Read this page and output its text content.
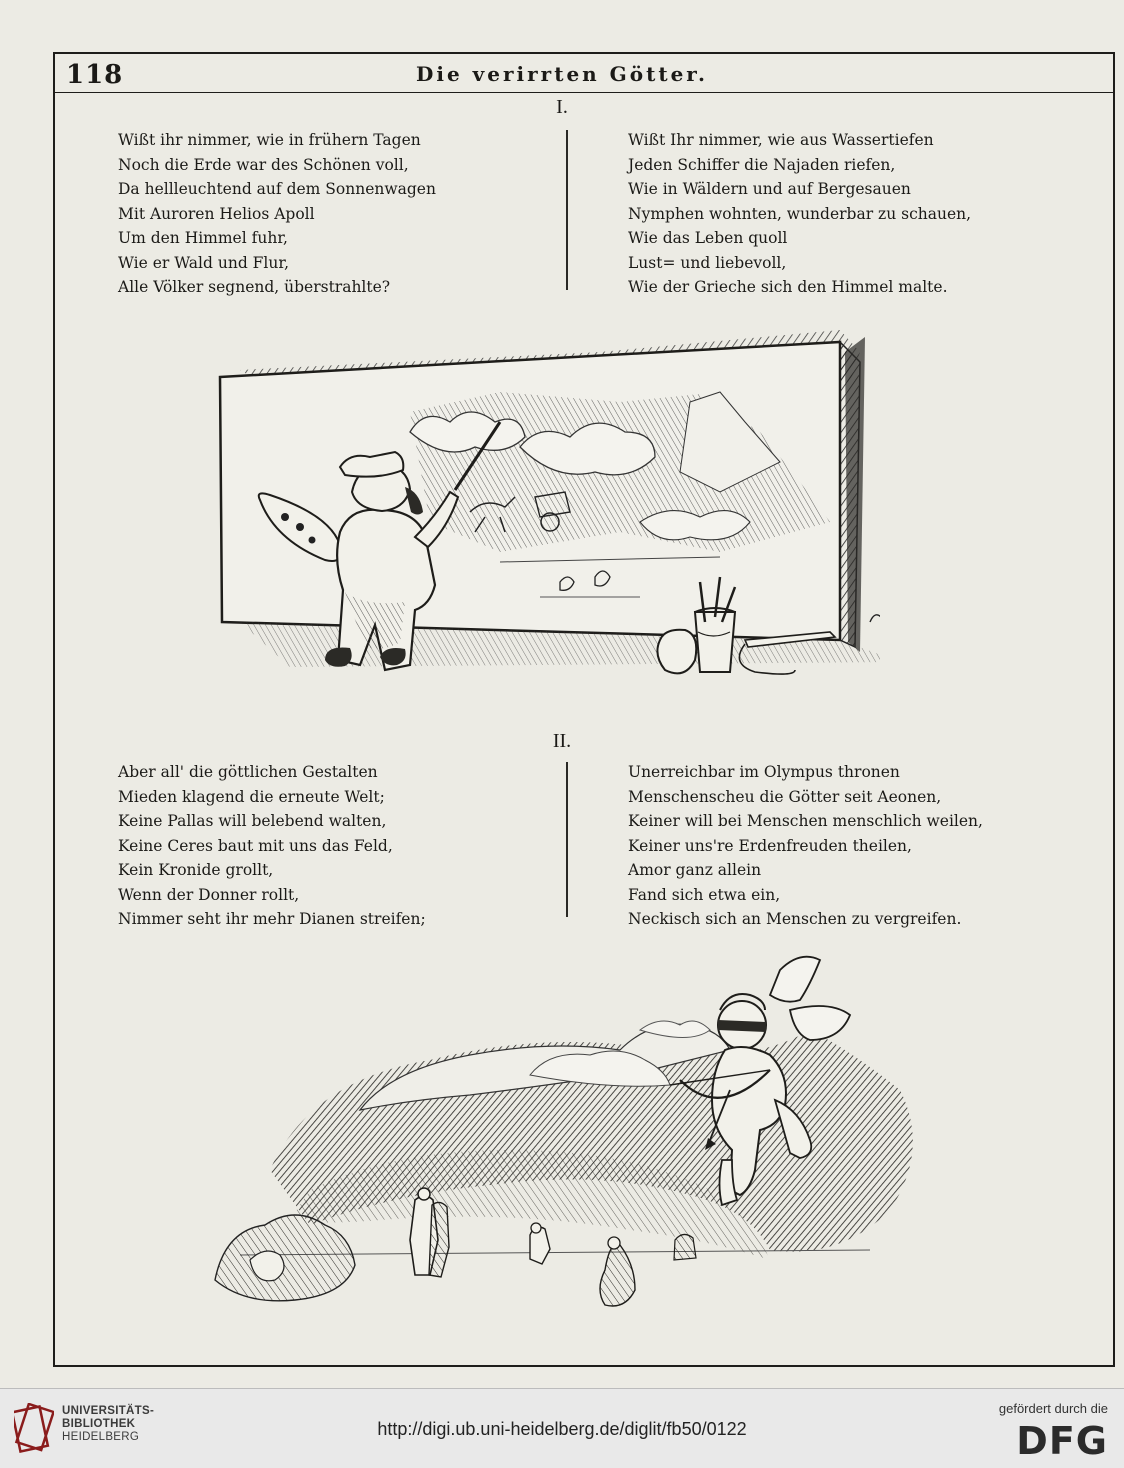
118	Die verirrten Götter.
I.
Wißt ihr nimmer, wie in frühern Tagen
Noch die Erde war des Schönen voll,
Da hellleuchtend auf dem Sonnenwagen
Mit Auroren Helios Apoll
Um den Himmel fuhr,
Wie er Wald und Flur,
Alle Völker segnend, überstrahlte?
Wißt Ihr nimmer, wie aus Wassertiefen
Jeden Schiffer die Najaden riefen,
Wie in Wäldern und auf Bergesauen
Nymphen wohnten, wunderbar zu schauen,
Wie das Leben quoll
Lust= und liebevoll,
Wie der Grieche sich den Himmel malte.
II.
Aber all' die göttlichen Gestalten
Mieden klagend die erneute Welt;
Keine Pallas will belebend walten,
Keine Ceres baut mit uns das Feld,
Kein Kronide grollt,
Wenn der Donner rollt,
Nimmer seht ihr mehr Dianen streifen;
Unerreichbar im Olympus thronen
Menschenscheu die Götter seit Aeonen,
Keiner will bei Menschen menschlich weilen,
Keiner uns're Erdenfreuden theilen,
Amor ganz allein
Fand sich etwa ein,
Neckisch sich an Menschen zu vergreifen.
UNIVERSITÄTS-
BIBLIOTHEK
HEIDELBERG	http://digi.ub.uni-heidelberg.de/diglit/fb50/0122
gefördert durch die
DFG
